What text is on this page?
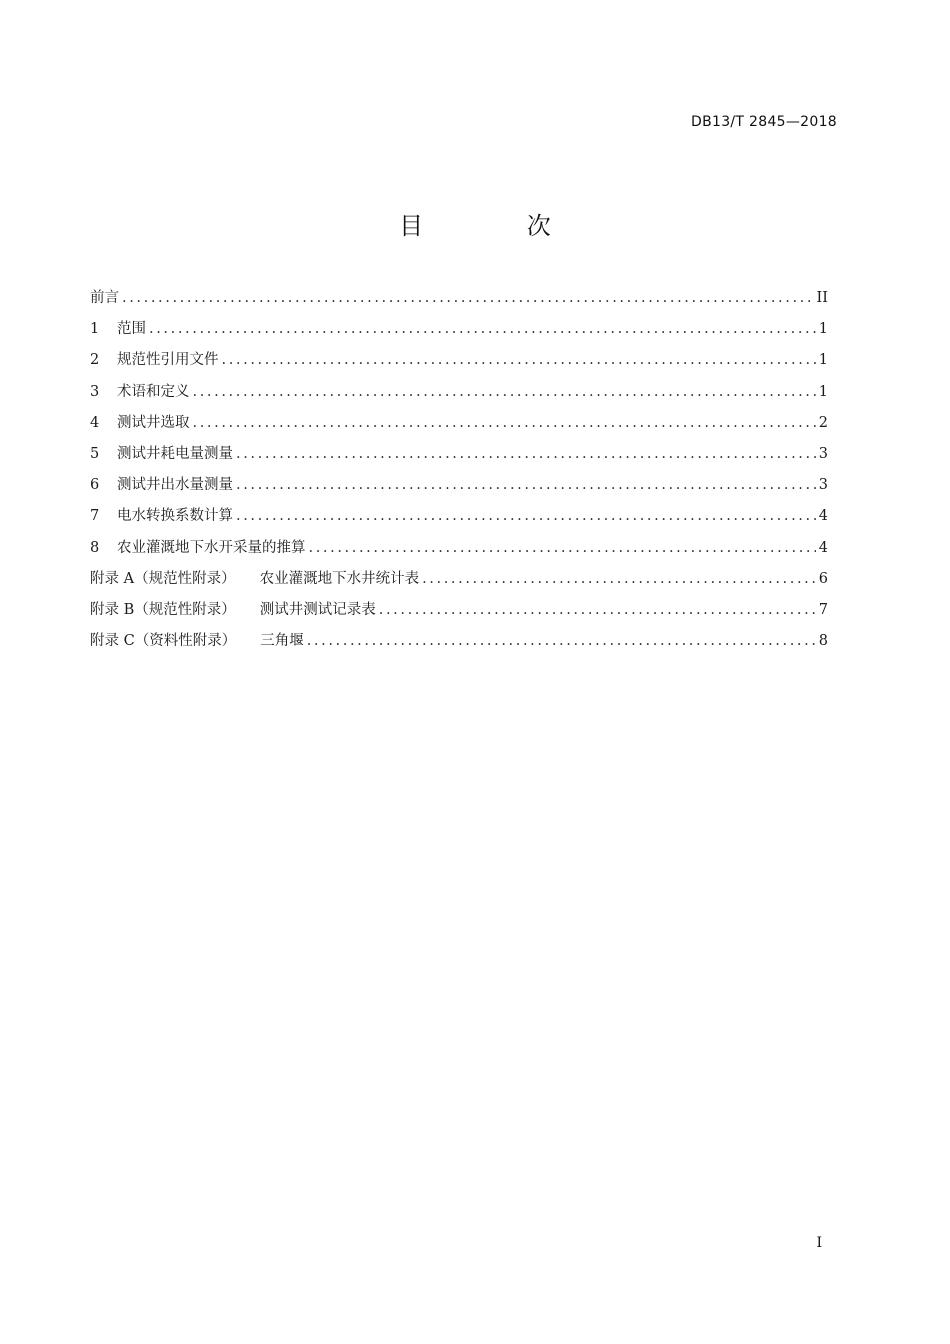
DB13/T 2845—2018
目 次
前言 .....	II
1	范围 .....	1
2	规范性引用文件 .....	1
3	术语和定义 .....	1
4	测试井选取 .....	2
5	测试井耗电量测量 .....	3
6	测试井出水量测量 .....	3
7	电水转换系数计算 .....	4
8	农业灌溉地下水开采量的推算 .....	4
附录 A（规范性附录） 农业灌溉地下水井统计表 .....	6
附录 B（规范性附录） 测试井测试记录表 .....	7
附录 C（资料性附录） 三角堰 .....	8
I
